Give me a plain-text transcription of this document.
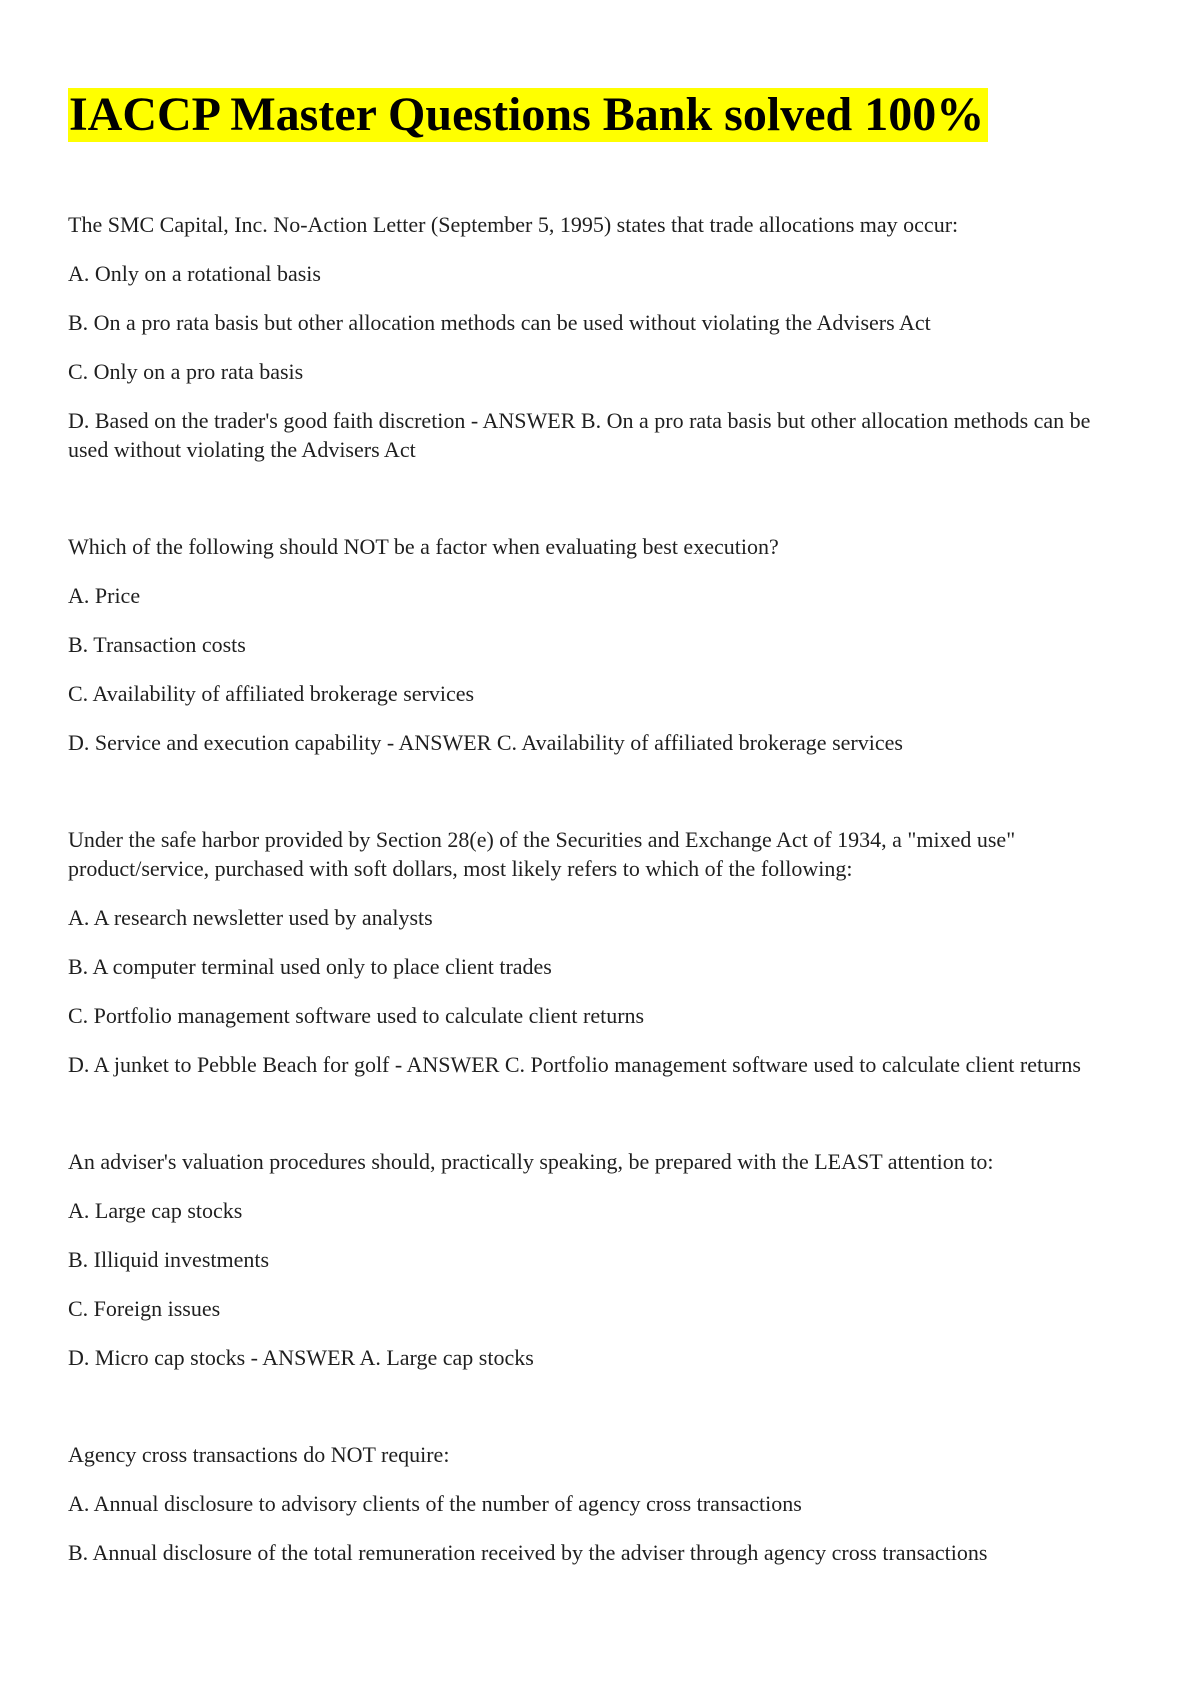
IACCP Master Questions Bank solved 100%

The SMC Capital, Inc. No-Action Letter (September 5, 1995) states that trade allocations may occur:

A. Only on a rotational basis

B. On a pro rata basis but other allocation methods can be used without violating the Advisers Act

C. Only on a pro rata basis

D. Based on the trader's good faith discretion - ANSWER B. On a pro rata basis but other allocation methods can be used without violating the Advisers Act

Which of the following should NOT be a factor when evaluating best execution?

A. Price

B. Transaction costs

C. Availability of affiliated brokerage services

D. Service and execution capability - ANSWER C. Availability of affiliated brokerage services

Under the safe harbor provided by Section 28(e) of the Securities and Exchange Act of 1934, a "mixed use" product/service, purchased with soft dollars, most likely refers to which of the following:

A. A research newsletter used by analysts

B. A computer terminal used only to place client trades

C. Portfolio management software used to calculate client returns

D. A junket to Pebble Beach for golf - ANSWER C. Portfolio management software used to calculate client returns

An adviser's valuation procedures should, practically speaking, be prepared with the LEAST attention to:

A. Large cap stocks

B. Illiquid investments

C. Foreign issues

D. Micro cap stocks - ANSWER A. Large cap stocks

Agency cross transactions do NOT require:

A. Annual disclosure to advisory clients of the number of agency cross transactions

B. Annual disclosure of the total remuneration received by the adviser through agency cross transactions
